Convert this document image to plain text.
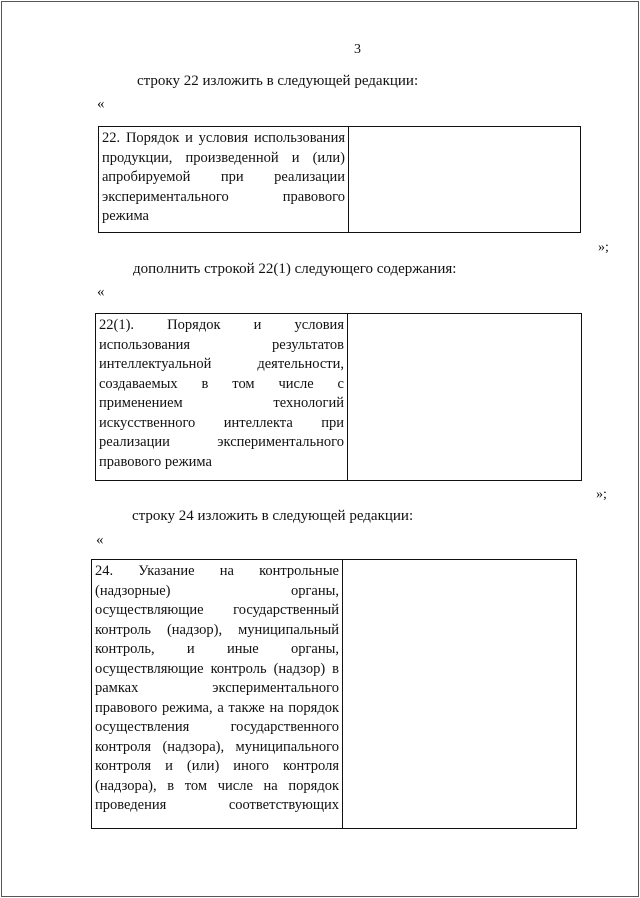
3
строку 22 изложить в следующей редакции:
«

22. Порядок и условия использования
продукции, произведенной и (или)
апробируемой при реализации
экспериментального правового
режима

»;
дополнить строкой 22(1) следующего содержания:
«

22(1). Порядок и условия
использования результатов
интеллектуальной деятельности,
создаваемых в том числе с
применением технологий
искусственного интеллекта при
реализации экспериментального
правового режима

»;
строку 24 изложить в следующей редакции:
«

24. Указание на контрольные
(надзорные) органы,
осуществляющие государственный
контроль (надзор), муниципальный
контроль, и иные органы,
осуществляющие контроль (надзор) в
рамках экспериментального
правового режима, а также на порядок
осуществления государственного
контроля (надзора), муниципального
контроля и (или) иного контроля
(надзора), в том числе на порядок
проведения соответствующих
